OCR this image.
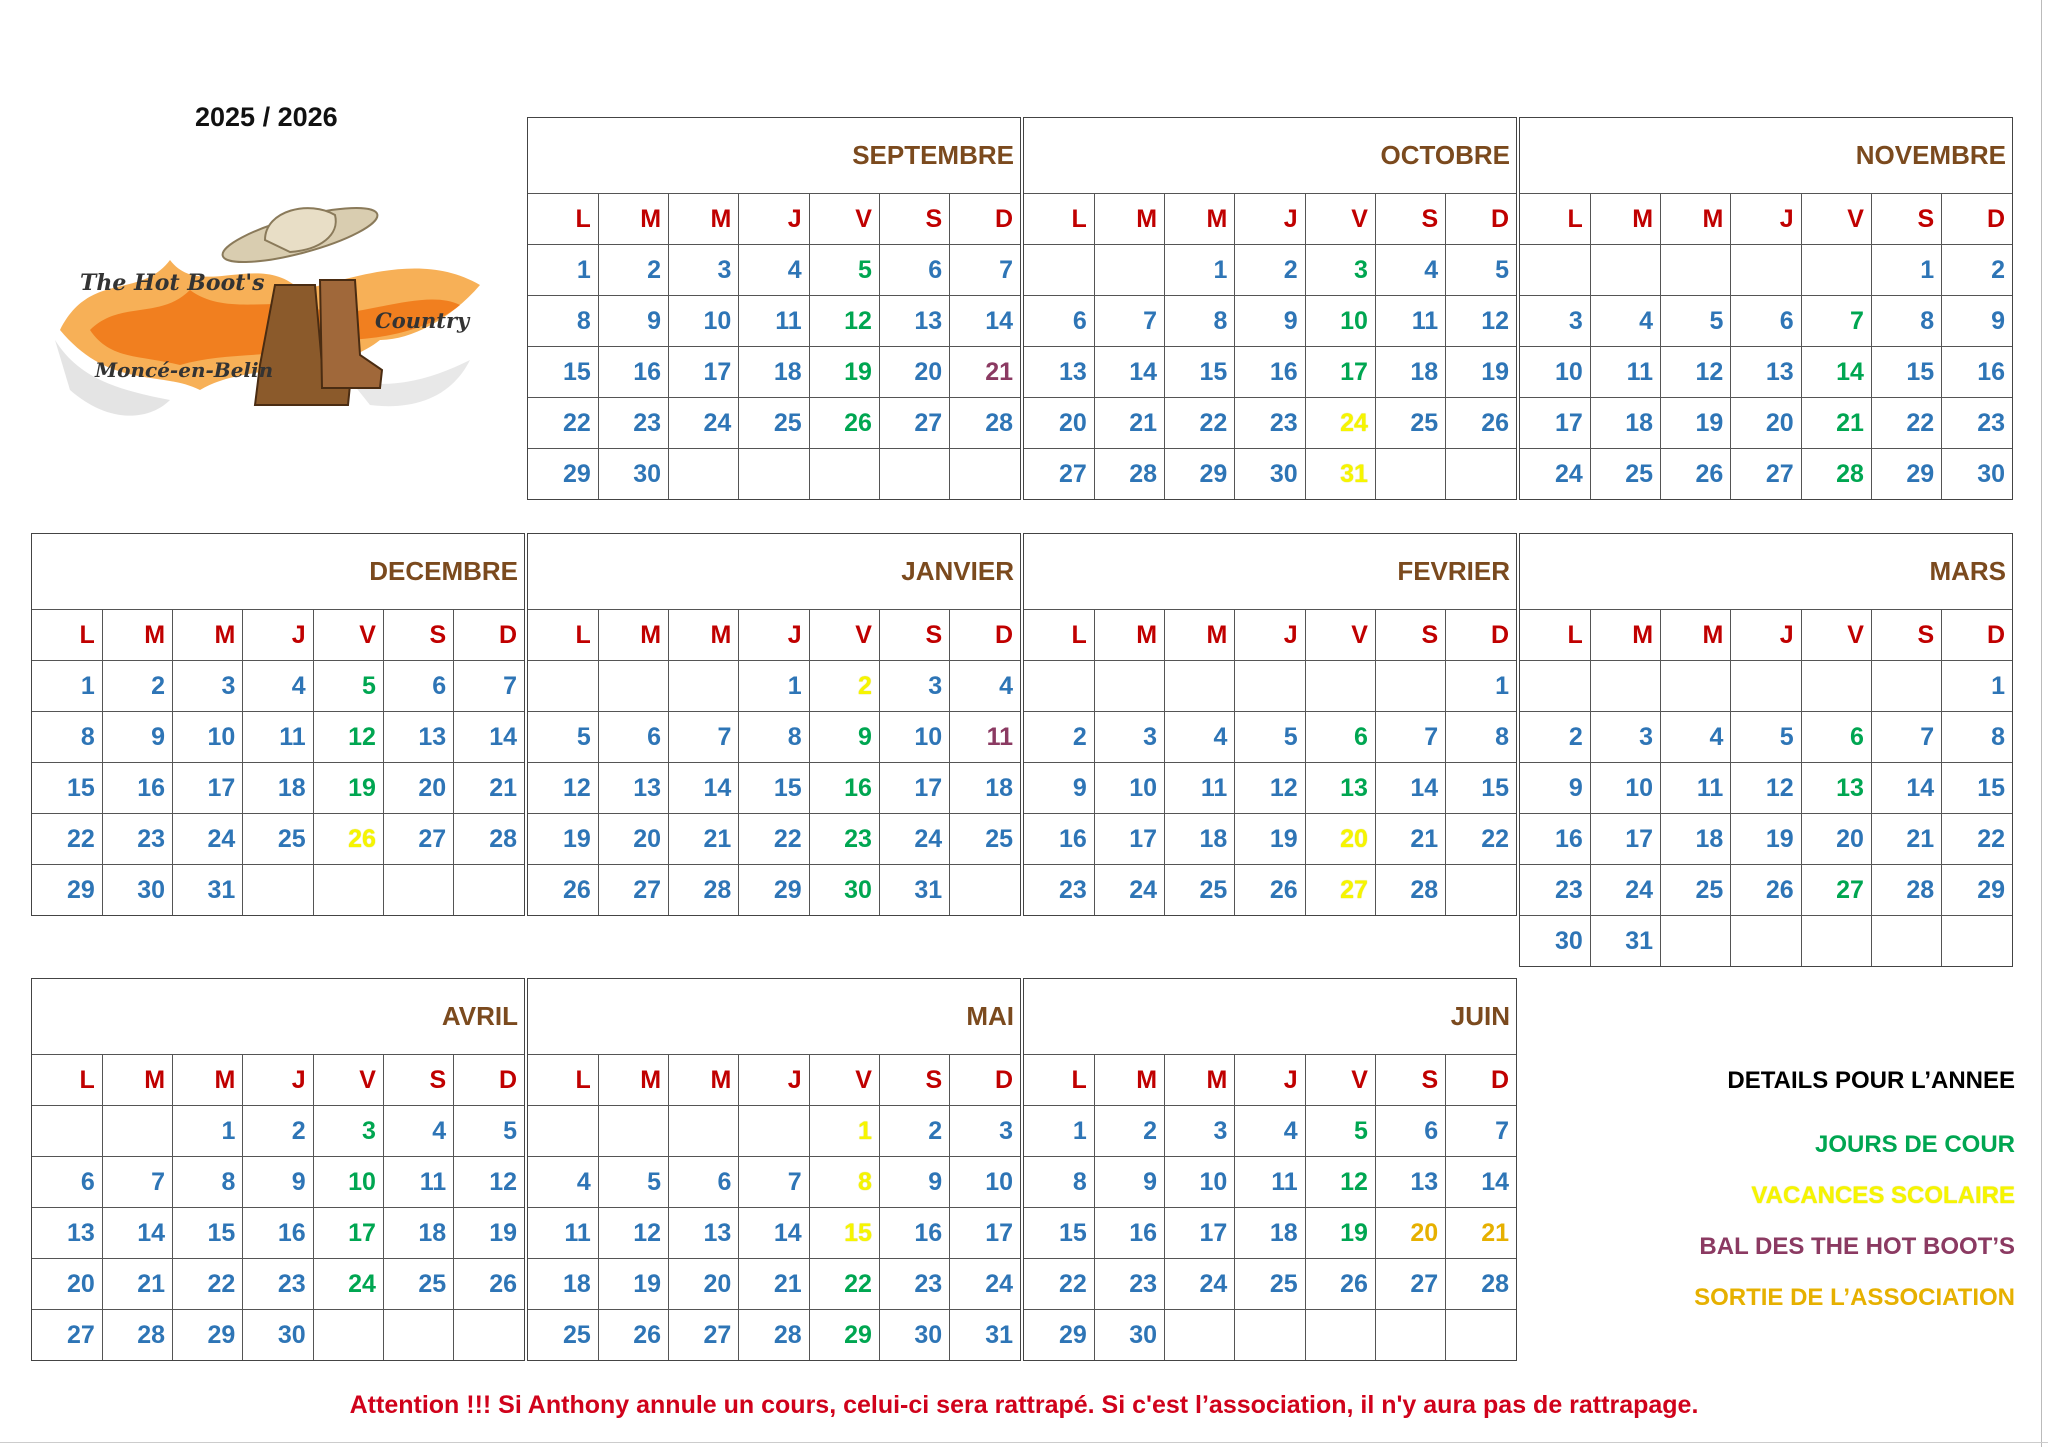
2025 / 2026
The Hot Boot's
Country
Moncé-en-Belin
SEPTEMBRE
L	M	M	J	V	S	D
1	2	3	4	5	6	7
8	9	10	11	12	13	14
15	16	17	18	19	20	21
22	23	24	25	26	27	28
29	30					
OCTOBRE
L	M	M	J	V	S	D
		1	2	3	4	5
6	7	8	9	10	11	12
13	14	15	16	17	18	19
20	21	22	23	24	25	26
27	28	29	30	31		
NOVEMBRE
L	M	M	J	V	S	D
					1	2
3	4	5	6	7	8	9
10	11	12	13	14	15	16
17	18	19	20	21	22	23
24	25	26	27	28	29	30
DECEMBRE
L	M	M	J	V	S	D
1	2	3	4	5	6	7
8	9	10	11	12	13	14
15	16	17	18	19	20	21
22	23	24	25	26	27	28
29	30	31				
JANVIER
L	M	M	J	V	S	D
			1	2	3	4
5	6	7	8	9	10	11
12	13	14	15	16	17	18
19	20	21	22	23	24	25
26	27	28	29	30	31	
FEVRIER
L	M	M	J	V	S	D
						1
2	3	4	5	6	7	8
9	10	11	12	13	14	15
16	17	18	19	20	21	22
23	24	25	26	27	28	
MARS
L	M	M	J	V	S	D
						1
2	3	4	5	6	7	8
9	10	11	12	13	14	15
16	17	18	19	20	21	22
23	24	25	26	27	28	29
30	31					
AVRIL
L	M	M	J	V	S	D
		1	2	3	4	5
6	7	8	9	10	11	12
13	14	15	16	17	18	19
20	21	22	23	24	25	26
27	28	29	30			
MAI
L	M	M	J	V	S	D
				1	2	3
4	5	6	7	8	9	10
11	12	13	14	15	16	17
18	19	20	21	22	23	24
25	26	27	28	29	30	31
JUIN
L	M	M	J	V	S	D
1	2	3	4	5	6	7
8	9	10	11	12	13	14
15	16	17	18	19	20	21
22	23	24	25	26	27	28
29	30					
DETAILS POUR L’ANNEE
JOURS DE COUR
VACANCES SCOLAIRE
BAL DES THE HOT BOOT’S
SORTIE DE L’ASSOCIATION
Attention !!! Si Anthony annule un cours, celui-ci sera rattrapé. Si c'est l’association, il n'y aura pas de rattrapage.
